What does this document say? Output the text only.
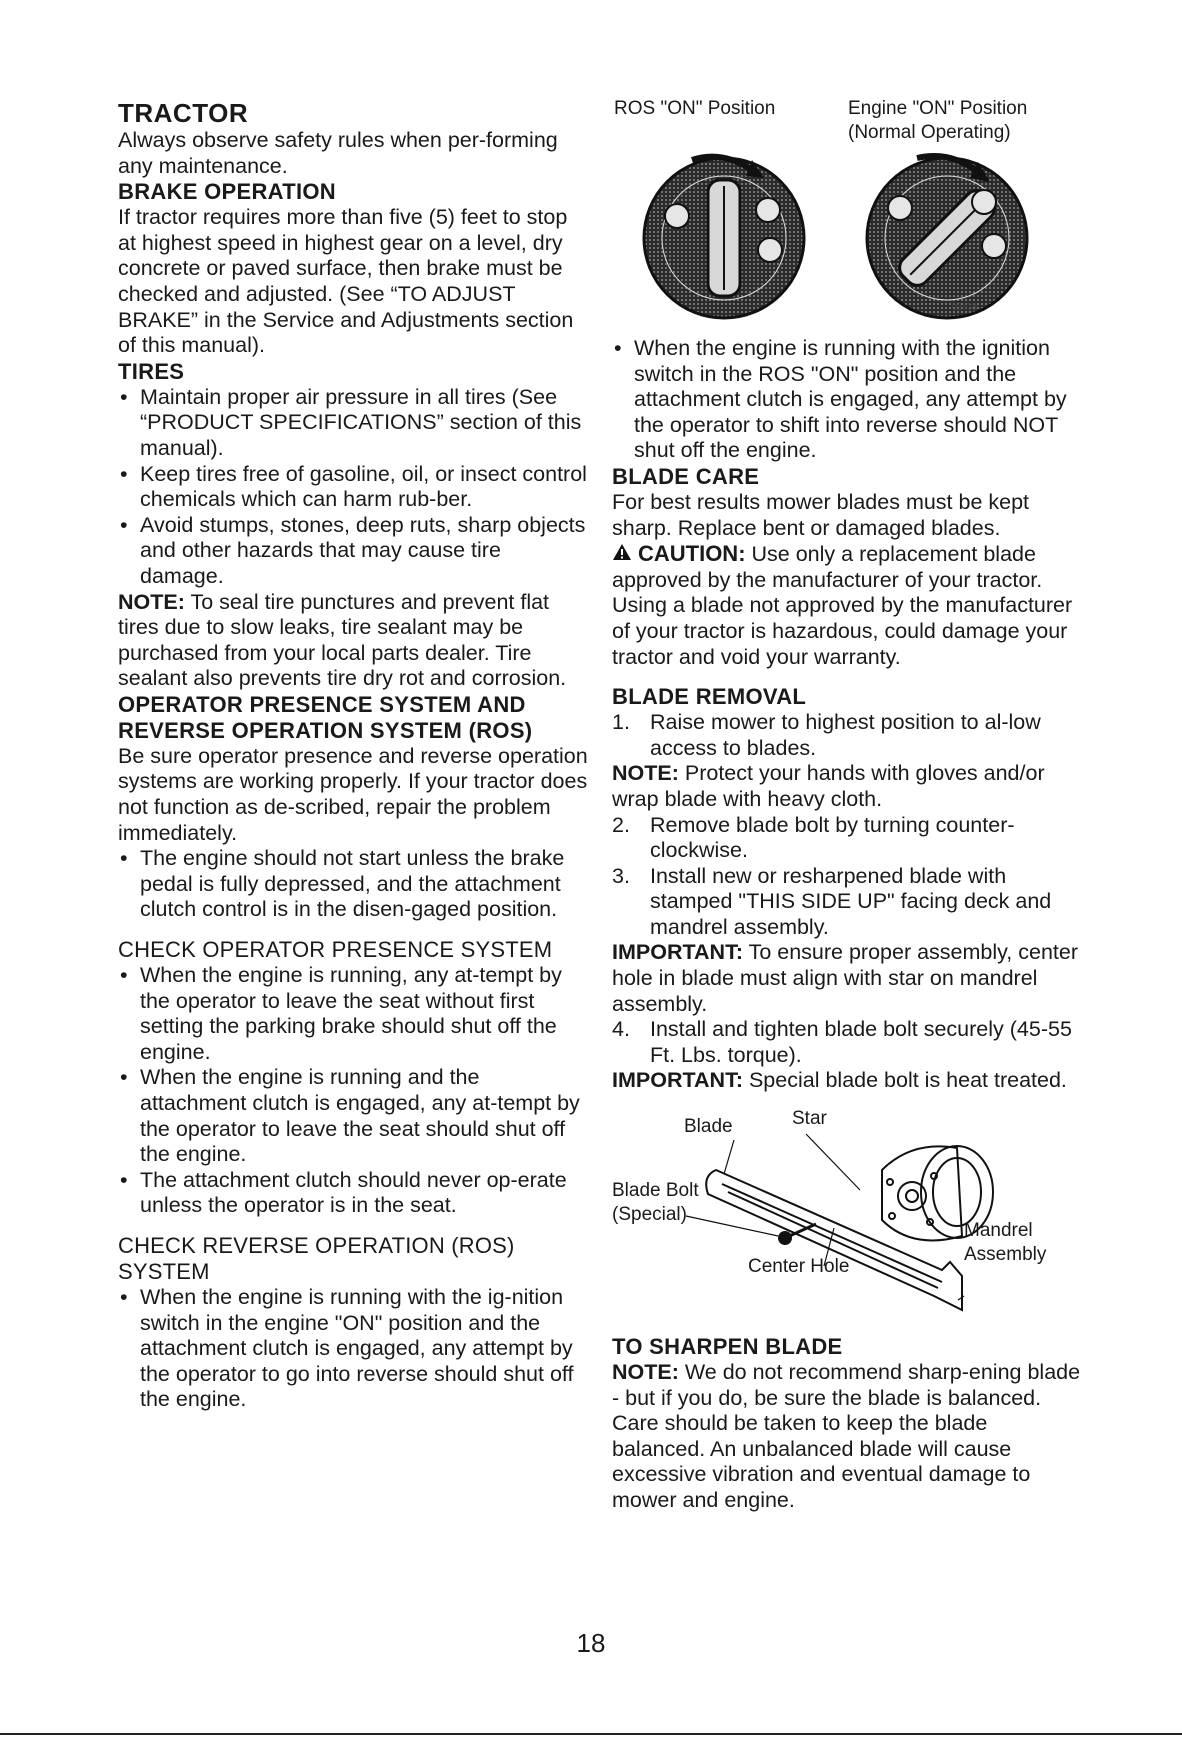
TRACTOR

Always observe safety rules when per-forming any maintenance.

BRAKE OPERATION

If tractor requires more than five (5) feet to stop at highest speed in highest gear on a level, dry concrete or paved surface, then brake must be checked and adjusted. (See “TO ADJUST BRAKE” in the Service and Adjustments section of this manual).

TIRES

• Maintain proper air pressure in all tires (See “PRODUCT SPECIFICATIONS” section of this manual).

• Keep tires free of gasoline, oil, or insect control chemicals which can harm rub-ber.

• Avoid stumps, stones, deep ruts, sharp objects and other hazards that may cause tire damage.

NOTE: To seal tire punctures and prevent flat tires due to slow leaks, tire sealant may be purchased from your local parts dealer. Tire sealant also prevents tire dry rot and corrosion.

OPERATOR PRESENCE SYSTEM AND REVERSE OPERATION SYSTEM (ROS)

Be sure operator presence and reverse operation systems are working properly. If your tractor does not function as de-scribed, repair the problem immediately.

• The engine should not start unless the brake pedal is fully depressed, and the attachment clutch control is in the disen-gaged position.

CHECK OPERATOR PRESENCE SYSTEM

• When the engine is running, any at-tempt by the operator to leave the seat without first setting the parking brake should shut off the engine.

• When the engine is running and the attachment clutch is engaged, any at-tempt by the operator to leave the seat should shut off the engine.

• The attachment clutch should never op-erate unless the operator is in the seat.

CHECK REVERSE OPERATION (ROS) SYSTEM

• When the engine is running with the ig-nition switch in the engine "ON" position and the attachment clutch is engaged, any attempt by the operator to go into reverse should shut off the engine.

ROS "ON" Position	Engine "ON" Position
(Normal Operating)
02478

• When the engine is running with the ignition switch in the ROS "ON" position and the attachment clutch is engaged, any attempt by the operator to shift into reverse should NOT shut off the engine.

BLADE CARE

For best results mower blades must be kept sharp. Replace bent or damaged blades.

CAUTION: Use only a replacement blade approved by the manufacturer of your tractor. Using a blade not approved by the manufacturer of your tractor is hazardous, could damage your tractor and void your warranty.

BLADE REMOVAL

1. Raise mower to highest position to al-low access to blades.

NOTE: Protect your hands with gloves and/or wrap blade with heavy cloth.

2. Remove blade bolt by turning counter-clockwise.

3. Install new or resharpened blade with stamped "THIS SIDE UP" facing deck and mandrel assembly.

IMPORTANT: To ensure proper assembly, center hole in blade must align with star on mandrel assembly.

4. Install and tighten blade bolt securely (45-55 Ft. Lbs. torque).

IMPORTANT: Special blade bolt is heat treated.

Blade	Star
Blade Bolt
(Special)
Center Hole
Mandrel
Assembly
TO SHARPEN BLADE

NOTE: We do not recommend sharp-ening blade - but if you do, be sure the blade is balanced.

Care should be taken to keep the blade balanced. An unbalanced blade will cause excessive vibration and eventual damage to mower and engine.

18
